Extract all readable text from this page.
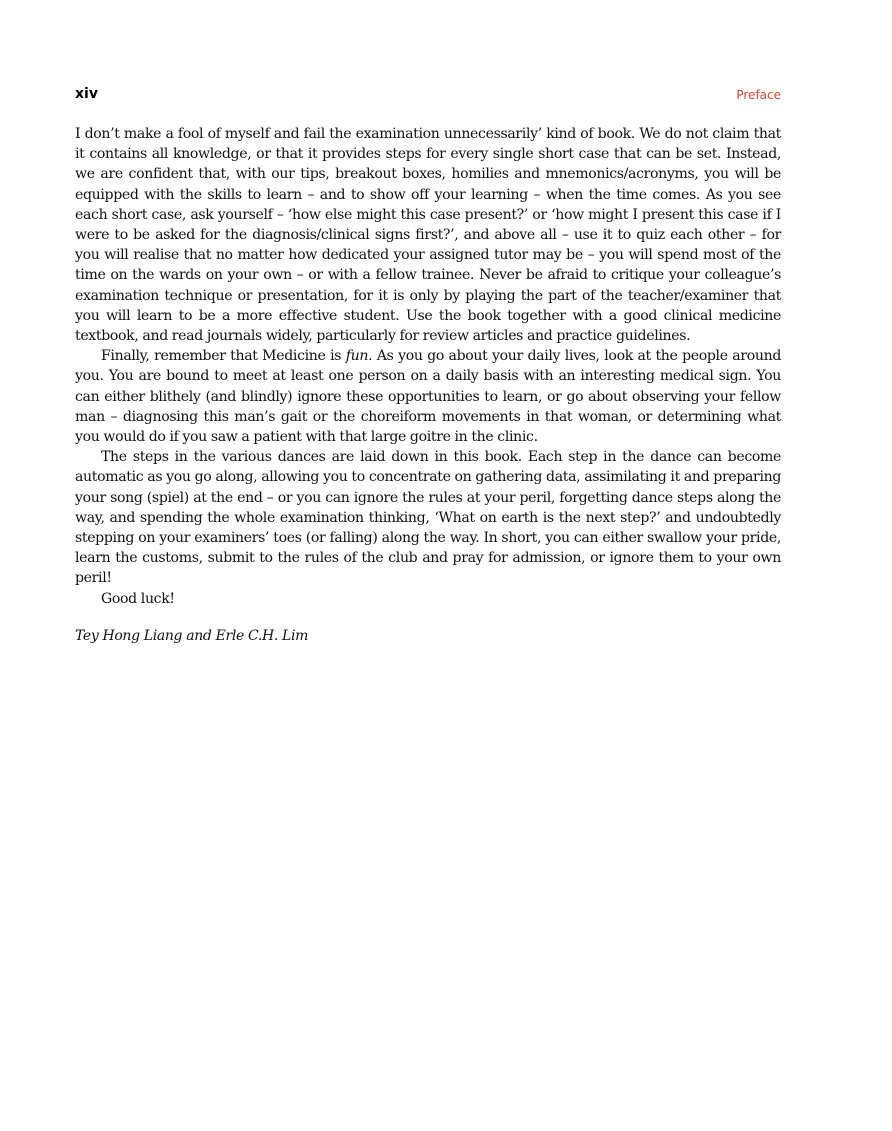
xiv	Preface

I don’t make a fool of myself and fail the examination unnecessarily’ kind of book. We do not claim that it contains all knowledge, or that it provides steps for every single short case that can be set. Instead, we are confident that, with our tips, breakout boxes, homilies and mnemonics/acronyms, you will be equipped with the skills to learn – and to show off your learning – when the time comes. As you see each short case, ask yourself – ‘how else might this case present?’ or ‘how might I present this case if I were to be asked for the diagnosis/clinical signs first?’, and above all – use it to quiz each other – for you will realise that no matter how dedicated your assigned tutor may be – you will spend most of the time on the wards on your own – or with a fellow trainee. Never be afraid to critique your colleague’s examination technique or presentation, for it is only by playing the part of the teacher/examiner that you will learn to be a more effective student. Use the book together with a good clinical medicine textbook, and read journals widely, particularly for review articles and practice guidelines.

Finally, remember that Medicine is fun. As you go about your daily lives, look at the people around you. You are bound to meet at least one person on a daily basis with an interesting medical sign. You can either blithely (and blindly) ignore these opportunities to learn, or go about observing your fellow man – diagnosing this man’s gait or the choreiform movements in that woman, or determining what you would do if you saw a patient with that large goitre in the clinic.

The steps in the various dances are laid down in this book. Each step in the dance can become automatic as you go along, allowing you to concentrate on gathering data, assimilating it and preparing your song (spiel) at the end – or you can ignore the rules at your peril, forgetting dance steps along the way, and spending the whole examination thinking, ‘What on earth is the next step?’ and undoubtedly stepping on your examiners’ toes (or falling) along the way. In short, you can either swallow your pride, learn the customs, submit to the rules of the club and pray for admission, or ignore them to your own peril!

Good luck!

Tey Hong Liang and Erle C.H. Lim
